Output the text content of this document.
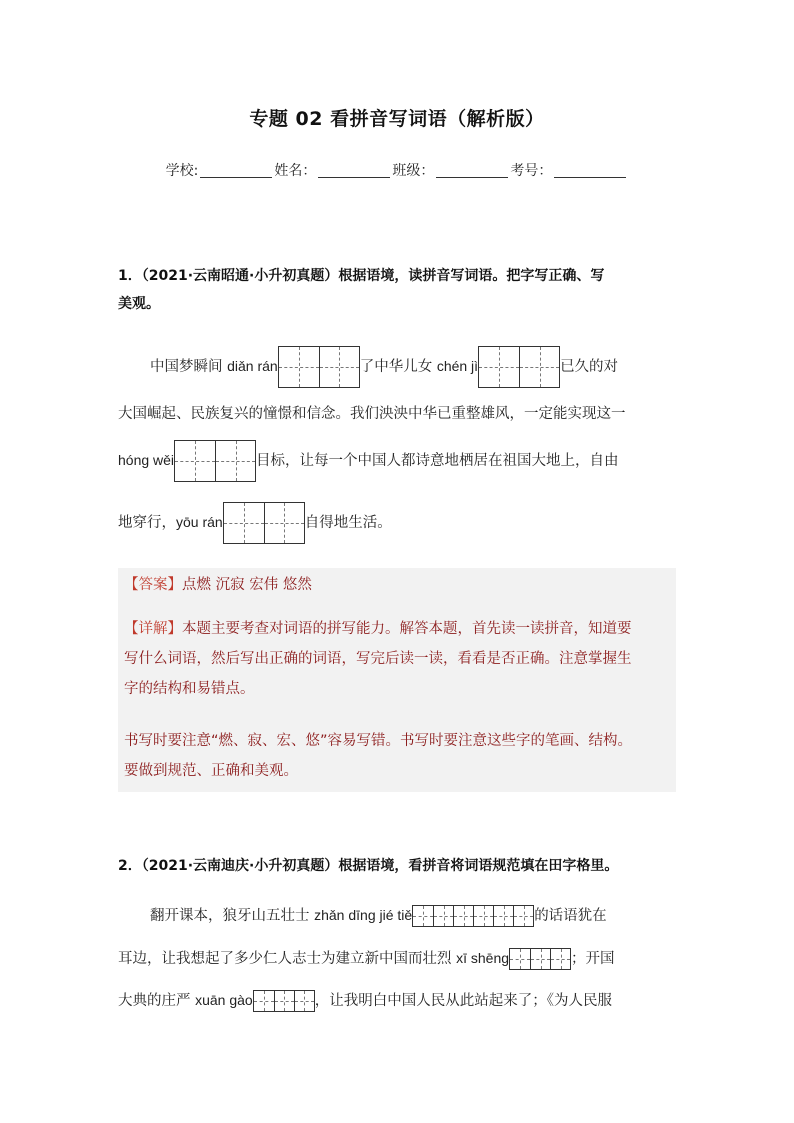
专题 02 看拼音写词语（解析版）
学校:	姓名：	班级：	考号：
1．（2021·云南昭通·小升初真题）根据语境，读拼音写词语。把字写正确、写
美观。
中国梦瞬间 diǎn rán	了中华儿女 chén jì	已久的对
大国崛起、民族复兴的憧憬和信念。我们泱泱中华已重整雄风，一定能实现这一
hóng wěi	目标，让每一个中国人都诗意地栖居在祖国大地上，自由
地穿行，yōu rán	自得地生活。
【答案】点燃 沉寂 宏伟 悠然
【详解】本题主要考查对词语的拼写能力。解答本题，首先读一读拼音，知道要
写什么词语，然后写出正确的词语，写完后读一读，看看是否正确。注意掌握生
字的结构和易错点。
书写时要注意“燃、寂、宏、悠”容易写错。书写时要注意这些字的笔画、结构。
要做到规范、正确和美观。
2．（2021·云南迪庆·小升初真题）根据语境，看拼音将词语规范填在田字格里。
翻开课本，狼牙山五壮士 zhǎn dīng jié tiě	的话语犹在
耳边，让我想起了多少仁人志士为建立新中国而壮烈 xī shēng	；开国
大典的庄严 xuān gào	，让我明白中国人民从此站起来了；《为人民服
